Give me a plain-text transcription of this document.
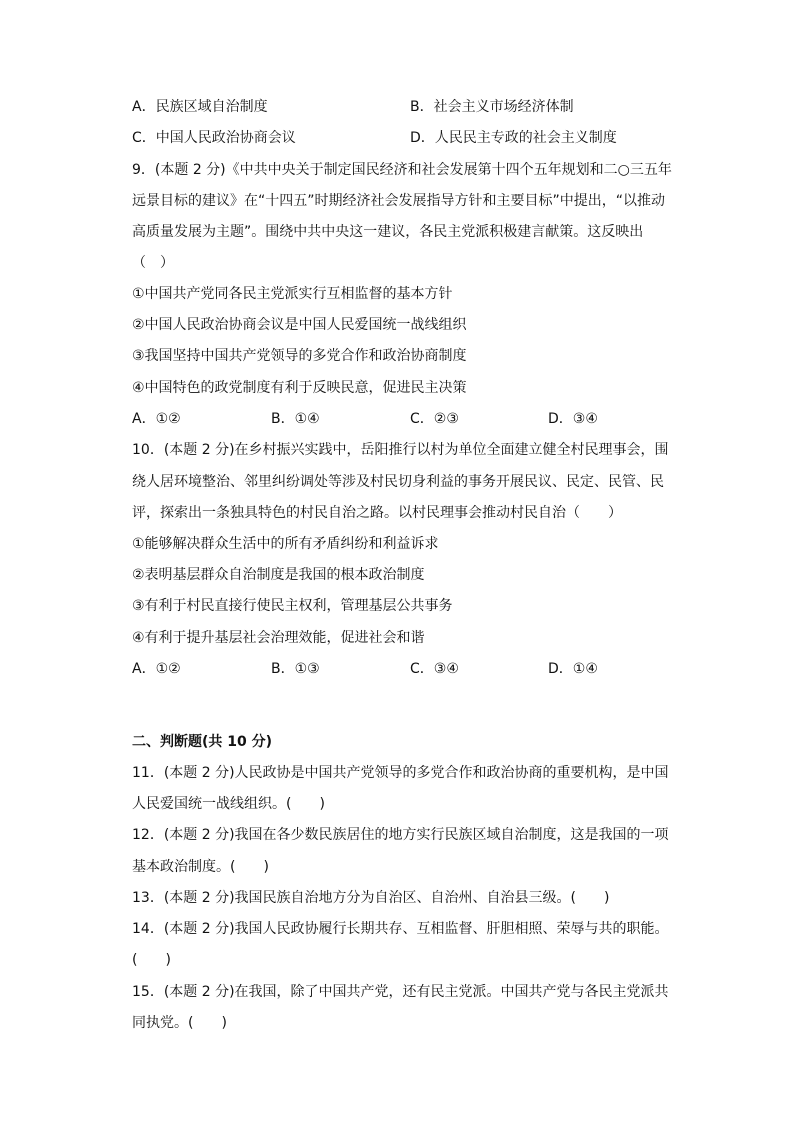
A．民族区域自治制度	B．社会主义市场经济体制
C．中国人民政治协商会议	D．人民民主专政的社会主义制度
9．(本题 2 分)《中共中央关于制定国民经济和社会发展第十四个五年规划和二○三五年
远景目标的建议》在“十四五”时期经济社会发展指导方针和主要目标”中提出，“以推动
高质量发展为主题”。围绕中共中央这一建议，各民主党派积极建言献策。这反映出
（　）
①中国共产党同各民主党派实行互相监督的基本方针
②中国人民政治协商会议是中国人民爱国统一战线组织
③我国坚持中国共产党领导的多党合作和政治协商制度
④中国特色的政党制度有利于反映民意，促进民主决策
A．①②	B．①④	C．②③	D．③④
10．(本题 2 分)在乡村振兴实践中，岳阳推行以村为单位全面建立健全村民理事会，围
绕人居环境整治、邻里纠纷调处等涉及村民切身利益的事务开展民议、民定、民管、民
评，探索出一条独具特色的村民自治之路。以村民理事会推动村民自治（　　）
①能够解决群众生活中的所有矛盾纠纷和利益诉求
②表明基层群众自治制度是我国的根本政治制度
③有利于村民直接行使民主权利，管理基层公共事务
④有利于提升基层社会治理效能，促进社会和谐
A．①②	B．①③	C．③④	D．①④
二、判断题(共 10 分)
11．(本题 2 分)人民政协是中国共产党领导的多党合作和政治协商的重要机构，是中国
人民爱国统一战线组织。(　　)
12．(本题 2 分)我国在各少数民族居住的地方实行民族区域自治制度，这是我国的一项
基本政治制度。(　　)
13．(本题 2 分)我国民族自治地方分为自治区、自治州、自治县三级。(　　)
14．(本题 2 分)我国人民政协履行长期共存、互相监督、肝胆相照、荣辱与共的职能。
(　　)
15．(本题 2 分)在我国，除了中国共产党，还有民主党派。中国共产党与各民主党派共
同执党。(　　)
